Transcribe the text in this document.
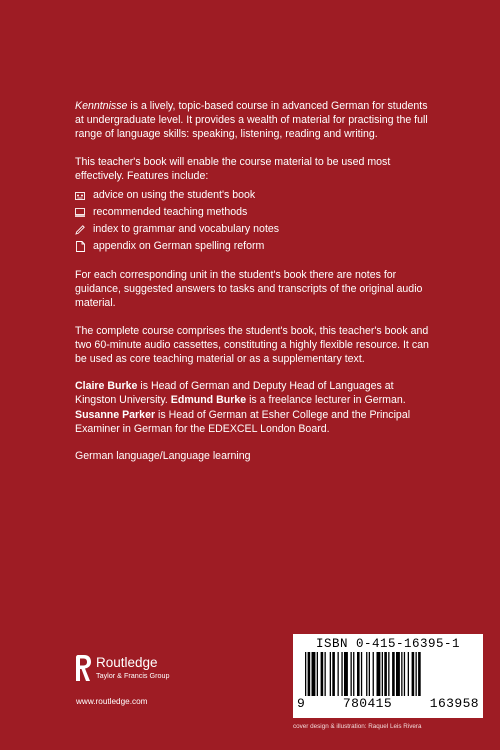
Kenntnisse is a lively, topic-based course in advanced German for students at undergraduate level. It provides a wealth of material for practising the full range of language skills: speaking, listening, reading and writing.

This teacher's book will enable the course material to be used most effectively. Features include:

advice on using the student's book
recommended teaching methods
index to grammar and vocabulary notes
appendix on German spelling reform

For each corresponding unit in the student's book there are notes for guidance, suggested answers to tasks and transcripts of the original audio material.

The complete course comprises the student's book, this teacher's book and two 60-minute audio cassettes, constituting a highly flexible resource. It can be used as core teaching material or as a supplementary text.

Claire Burke is Head of German and Deputy Head of Languages at Kingston University. Edmund Burke is a freelance lecturer in German. Susanne Parker is Head of German at Esher College and the Principal Examiner in German for the EDEXCEL London Board.

German language/Language learning

Routledge
Taylor & Francis Group
www.routledge.com
ISBN 0-415-16395-1
9	780415	163958
cover design & illustration: Raquel Leis Rivera
